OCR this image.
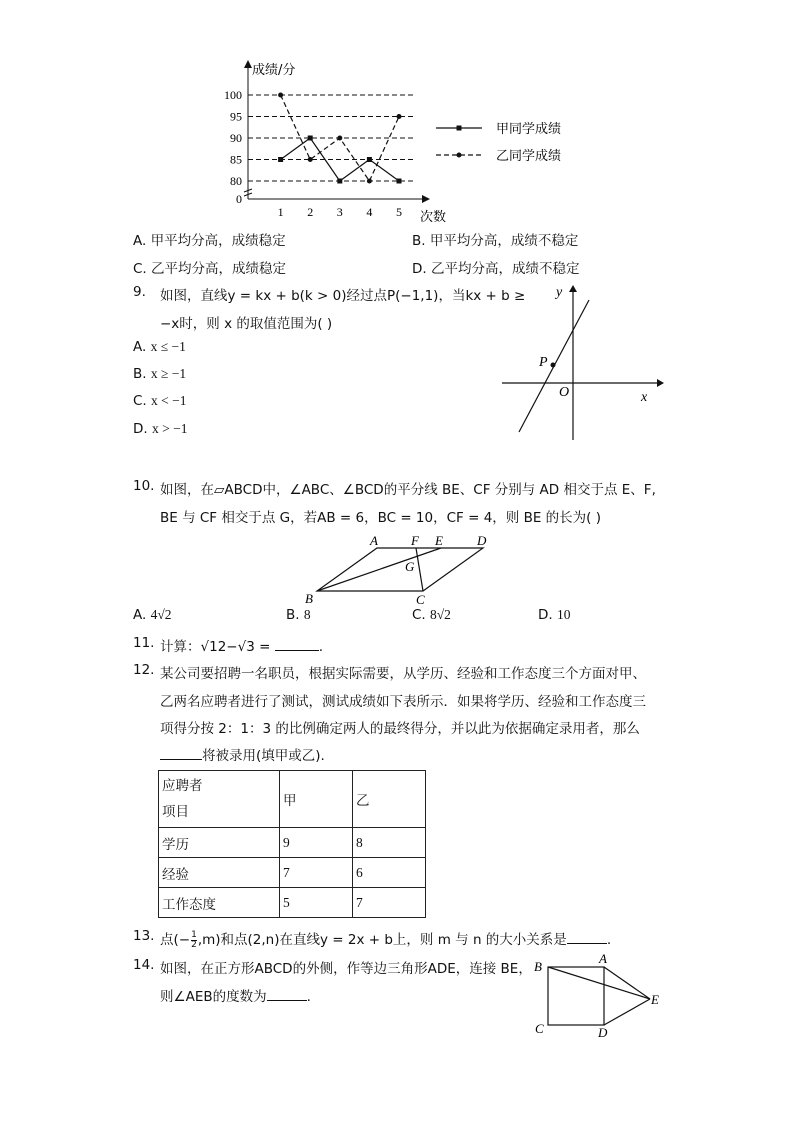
0
80
85
90
95
100
1 2 3 4 5
成绩/分
次数
甲同学成绩
乙同学成绩
A. 甲平均分高，成绩稳定	B. 甲平均分高，成绩不稳定
C. 乙平均分高，成绩稳定	D. 乙平均分高，成绩不稳定
9. 如图，直线y = kx + b(k > 0)经过点P(−1,1)，当kx + b ≥
−x时，则 x 的取值范围为( )
A. x ≤ −1
B. x ≥ −1
C. x < −1
D. x > −1
y
P
O	x
10. 如图，在▱ABCD中，∠ABC、∠BCD的平分线 BE、CF 分别与 AD 相交于点 E、F,
BE 与 CF 相交于点 G，若AB = 6，BC = 10，CF = 4，则 BE 的长为( )
A	F E	D
G
B	C
A. 4√2	B. 8	C. 8√2	D. 10
11. 计算：√12−√3 =	.
12. 某公司要招聘一名职员，根据实际需要，从学历、经验和工作态度三个方面对甲、
乙两名应聘者进行了测试，测试成绩如下表所示．如果将学历、经验和工作态度三
项得分按 2：1：3 的比例确定两人的最终得分，并以此为依据确定录用者，那么
将被录用(填甲或乙).
应聘者
项目	甲	乙
学历	9	8
经验	7	6
工作态度	5	7
13. 点(− $\frac{1}{2} ,m$)和点(2,n)在直线y = 2x + b上，则 m 与 n 的大小关系是	.
14. 如图，在正方形ABCD的外侧，作等边三角形ADE，连接 BE，
则∠AEB的度数为	.
B
A
E
C	D
